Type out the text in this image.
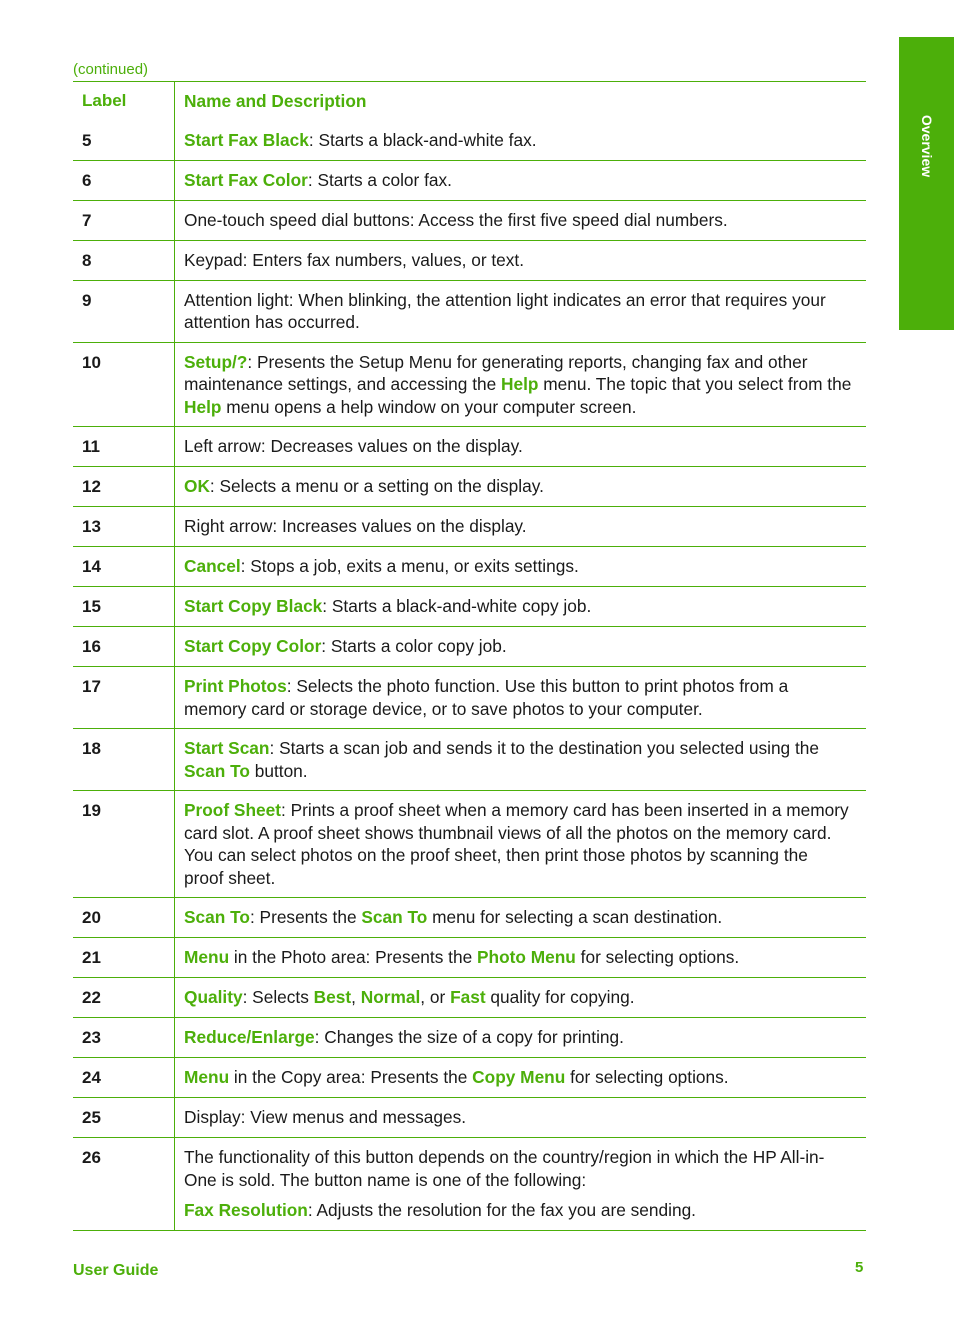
(continued)
Label	Name and Description
5	Start Fax Black: Starts a black-and-white fax.
6	Start Fax Color: Starts a color fax.
7	One-touch speed dial buttons: Access the first five speed dial numbers.
8	Keypad: Enters fax numbers, values, or text.
9	Attention light: When blinking, the attention light indicates an error that requires your attention has occurred.
10	Setup/?: Presents the Setup Menu for generating reports, changing fax and other maintenance settings, and accessing the Help menu. The topic that you select from the Help menu opens a help window on your computer screen.
11	Left arrow: Decreases values on the display.
12	OK: Selects a menu or a setting on the display.
13	Right arrow: Increases values on the display.
14	Cancel: Stops a job, exits a menu, or exits settings.
15	Start Copy Black: Starts a black-and-white copy job.
16	Start Copy Color: Starts a color copy job.
17	Print Photos: Selects the photo function. Use this button to print photos from a memory card or storage device, or to save photos to your computer.
18	Start Scan: Starts a scan job and sends it to the destination you selected using the Scan To button.
19	Proof Sheet: Prints a proof sheet when a memory card has been inserted in a memory card slot. A proof sheet shows thumbnail views of all the photos on the memory card. You can select photos on the proof sheet, then print those photos by scanning the proof sheet.
20	Scan To: Presents the Scan To menu for selecting a scan destination.
21	Menu in the Photo area: Presents the Photo Menu for selecting options.
22	Quality: Selects Best, Normal, or Fast quality for copying.
23	Reduce/Enlarge: Changes the size of a copy for printing.
24	Menu in the Copy area: Presents the Copy Menu for selecting options.
25	Display: View menus and messages.
26	The functionality of this button depends on the country/region in which the HP All-in-One is sold. The button name is one of the following:
Fax Resolution: Adjusts the resolution for the fax you are sending.
Overview
User Guide	5
